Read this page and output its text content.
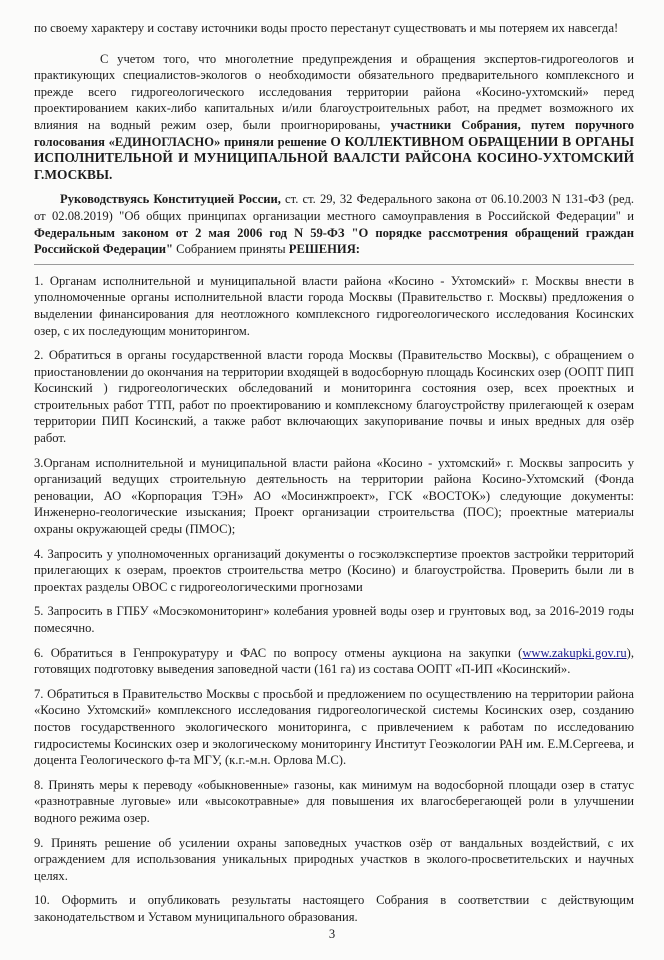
по своему характеру и составу источники воды просто перестанут существовать и мы потеряем их навсегда!

С учетом того, что многолетние предупреждения и обращения экспертов-гидрогеологов и практикующих специалистов-экологов о необходимости обязательного предварительного комплексного и прежде всего гидрогеологического исследования территории района «Косино-ухтомский» перед проектированием каких-либо капитальных и/или благоустроительных работ, на предмет возможного их влияния на водный режим озер, были проигнорированы, участники Собрания, путем поручного голосования «ЕДИНОГЛАСНО» приняли решение О КОЛЛЕКТИВНОМ ОБРАЩЕНИИ В ОРГАНЫ ИСПОЛНИТЕЛЬНОЙ И МУНИЦИПАЛЬНОЙ ВААЛСТИ РАЙСОНА КОСИНО-УХТОМСКИЙ Г.МОСКВЫ.

Руководствуясь Конституцией России, ст. ст. 29, 32 Федерального закона от 06.10.2003 N 131-ФЗ (ред. от 02.08.2019) "Об общих принципах организации местного самоуправления в Российской Федерации" и Федеральным законом от 2 мая 2006 год N 59-ФЗ "О порядке рассмотрения обращений граждан Российской Федерации" Собранием приняты РЕШЕНИЯ:

1. Органам исполнительной и муниципальной власти района «Косино - Ухтомский» г. Москвы внести в уполномоченные органы исполнительной власти города Москвы (Правительство г. Москвы) предложения о выделении финансирования для неотложного комплексного гидрогеологического исследования Косинских озер, с их последующим мониторингом.

2. Обратиться в органы государственной власти города Москвы (Правительство Москвы), с обращением о приостановлении до окончания на территории входящей в водосборную площадь Косинских озер (ООПТ ПИП Косинский ) гидрогеологических обследований и мониторинга состояния озер, всех проектных и строительных работ ТТП, работ по проектированию и комплексному благоустройству прилегающей к озерам территории ПИП Косинский, а также работ включающих закупоривание почвы и иных вредных для озёр работ.

3.Органам исполнительной и муниципальной власти района «Косино - ухтомский» г. Москвы запросить у организаций ведущих строительную деятельность на территории района Косино-Ухтомский (Фонда реновации, АО «Корпорация ТЭН» АО «Мосинжпроект», ГСК «ВОСТОК») следующие документы: Инженерно-геологические изыскания; Проект организации строительства (ПОС); проектные материалы охраны окружающей среды (ПМОС);

4. Запросить у уполномоченных организаций документы о госэколэкспертизе проектов застройки территорий прилегающих к озерам, проектов строительства метро (Косино) и благоустройства. Проверить были ли в проектах разделы ОВОС с гидрогеологическими прогнозами

5. Запросить в ГПБУ «Мосэкомониторинг» колебания уровней воды озер и грунтовых вод, за 2016-2019 годы помесячно.

6. Обратиться в Генпрокуратуру и ФАС по вопросу отмены аукциона на закупки (www.zakupki.gov.ru), готовящих подготовку выведения заповедной части (161 га) из состава ООПТ «П-ИП «Косинский».

7. Обратиться в Правительство Москвы с просьбой и предложением по осуществлению на территории района «Косино Ухтомский» комплексного исследования гидрогеологической системы Косинских озер, созданию постов государственного экологического мониторинга, с привлечением к работам по исследованию гидросистемы Косинских озер и экологическому мониторингу Институт Геоэкологии РАН им. Е.М.Сергеева, и доцента Геологического ф-та МГУ, (к.г.-м.н. Орлова М.С).

8. Принять меры к переводу «обыкновенные» газоны, как минимум на водосборной площади озер в статус «разнотравные луговые» или «высокотравные» для повышения их влагосберегающей роли в улучшении водного режима озер.

9. Принять решение об усилении охраны заповедных участков озёр от вандальных воздействий, с их ограждением для использования уникальных природных участков в эколого-просветительских и научных целях.

10. Оформить и опубликовать результаты настоящего Собрания в соответствии с действующим законодательством и Уставом муниципального образования.

3
